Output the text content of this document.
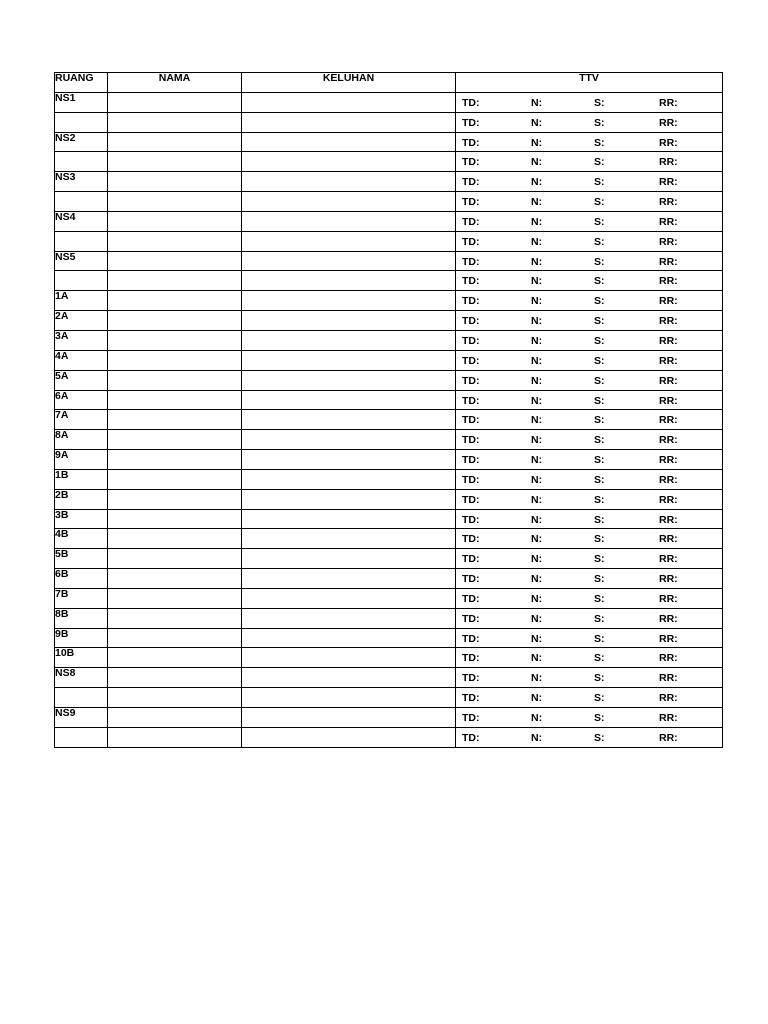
RUANG	NAMA	KELUHAN	TTV
NS1			TD: N: S: RR:

			TD: N: S: RR:

NS2			TD: N: S: RR:

			TD: N: S: RR:

NS3			TD: N: S: RR:

			TD: N: S: RR:

NS4			TD: N: S: RR:

			TD: N: S: RR:

NS5			TD: N: S: RR:

			TD: N: S: RR:

1A			TD: N: S: RR:

2A			TD: N: S: RR:

3A			TD: N: S: RR:

4A			TD: N: S: RR:

5A			TD: N: S: RR:

6A			TD: N: S: RR:

7A			TD: N: S: RR:

8A			TD: N: S: RR:

9A			TD: N: S: RR:

1B			TD: N: S: RR:

2B			TD: N: S: RR:

3B			TD: N: S: RR:

4B			TD: N: S: RR:

5B			TD: N: S: RR:

6B			TD: N: S: RR:

7B			TD: N: S: RR:

8B			TD: N: S: RR:

9B			TD: N: S: RR:

10B			TD: N: S: RR:

NS8			TD: N: S: RR:

			TD: N: S: RR:

NS9			TD: N: S: RR:

			TD: N: S: RR:
